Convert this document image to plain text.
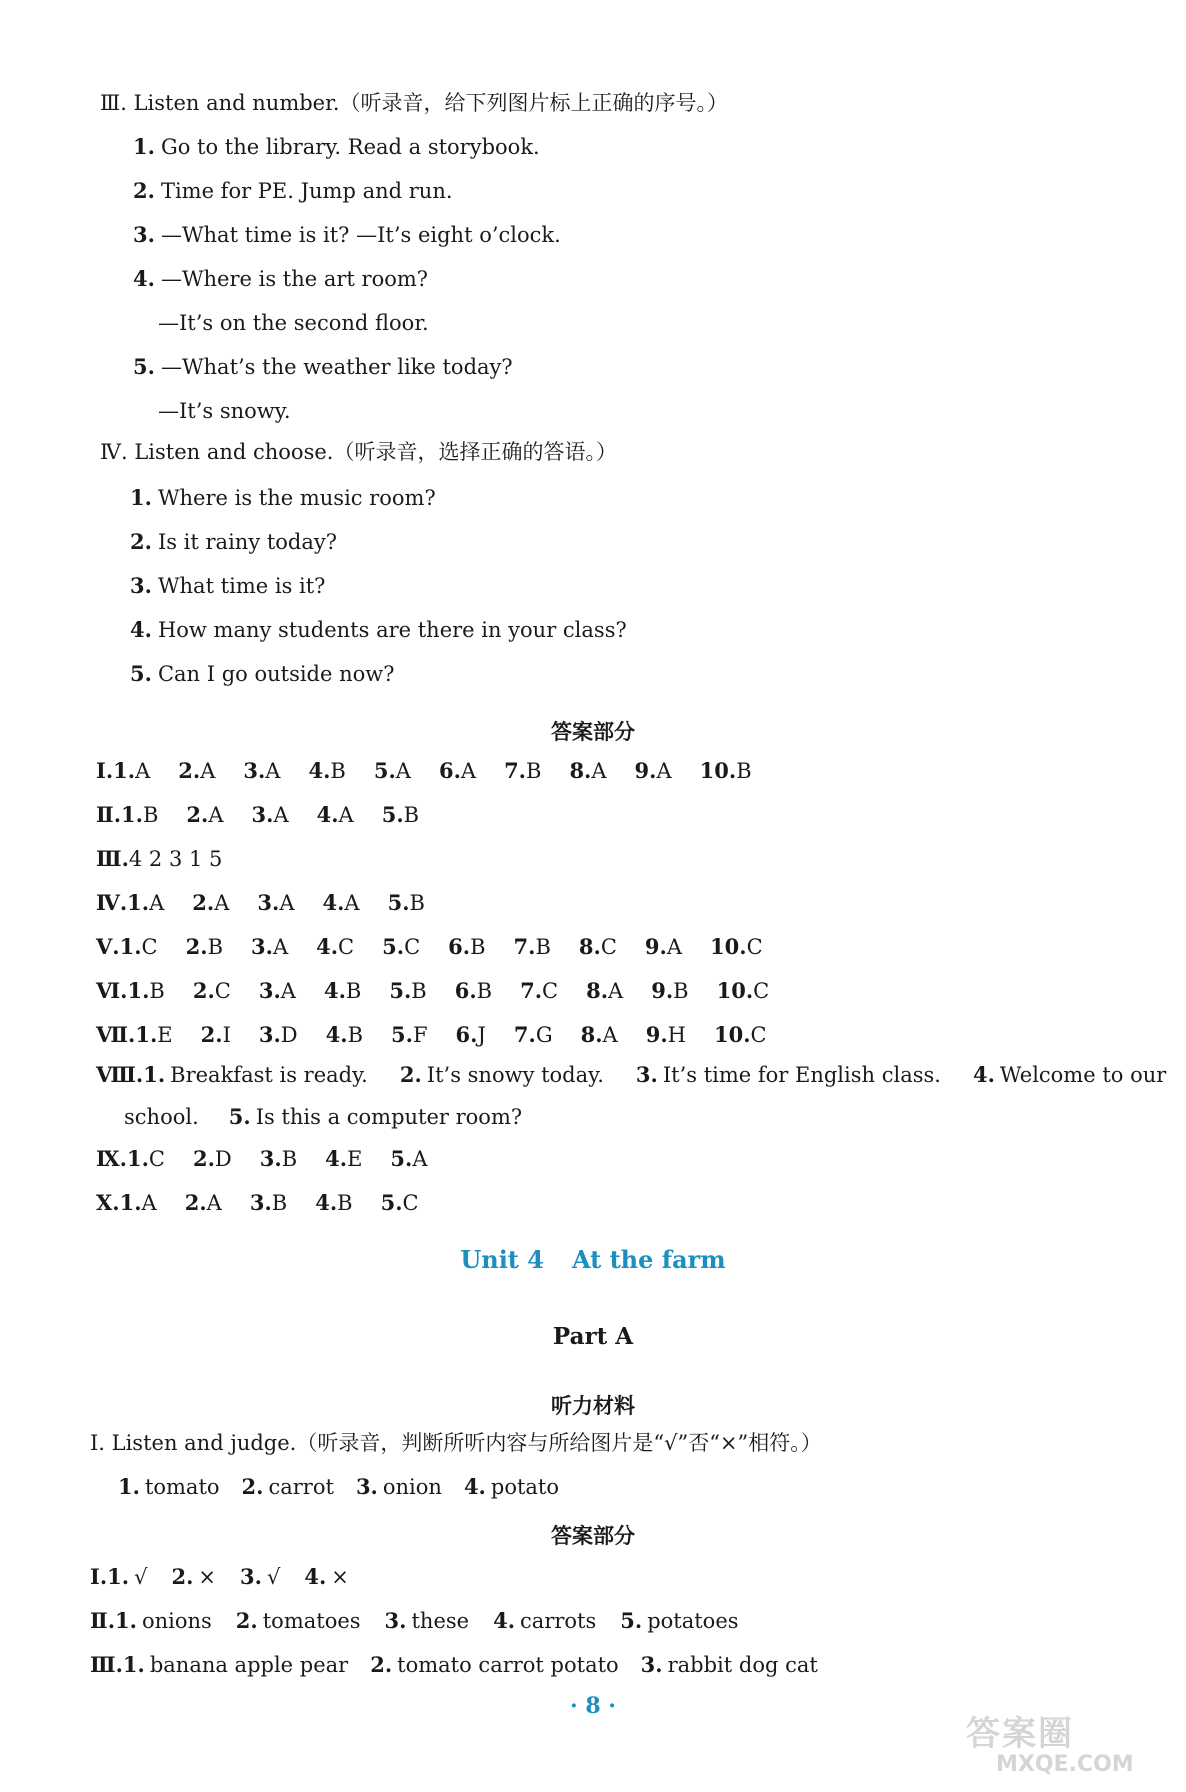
Ⅲ. Listen and number.（听录音，给下列图片标上正确的序号。）
1. Go to the library. Read a storybook.
2. Time for PE. Jump and run.
3. —What time is it? —It’s eight o’clock.
4. —Where is the art room?
—It’s on the second floor.
5. —What’s the weather like today?
—It’s snowy.
Ⅳ. Listen and choose.（听录音，选择正确的答语。）
1. Where is the music room?
2. Is it rainy today?
3. What time is it?
4. How many students are there in your class?
5. Can I go outside now?
答案部分
Ⅰ.1.A 2.A 3.A 4.B 5.A 6.A 7.B 8.A 9.A 10.B
Ⅱ.1.B 2.A 3.A 4.A 5.B
Ⅲ.4 2 3 1 5
Ⅳ.1.A 2.A 3.A 4.A 5.B
Ⅴ.1.C 2.B 3.A 4.C 5.C 6.B 7.B 8.C 9.A 10.C
Ⅵ.1.B 2.C 3.A 4.B 5.B 6.B 7.C 8.A 9.B 10.C
Ⅶ.1.E 2.I 3.D 4.B 5.F 6.J 7.G 8.A 9.H 10.C
Ⅷ.1. Breakfast is ready. 2. It’s snowy today. 3. It’s time for English class. 4. Welcome to our
school. 5. Is this a computer room?
Ⅸ.1.C 2.D 3.B 4.E 5.A
Ⅹ.1.A 2.A 3.B 4.B 5.C
Unit 4 At the farm
Part A
听力材料
Ⅰ. Listen and judge.（听录音，判断所听内容与所给图片是“√”否“×”相符。）
1. tomato 2. carrot 3. onion 4. potato
答案部分
Ⅰ.1. √ 2. × 3. √ 4. ×
Ⅱ.1. onions 2. tomatoes 3. these 4. carrots 5. potatoes
Ⅲ.1. banana apple pear 2. tomato carrot potato 3. rabbit dog cat
· 8 ·
答案圈
MXQE.COM
